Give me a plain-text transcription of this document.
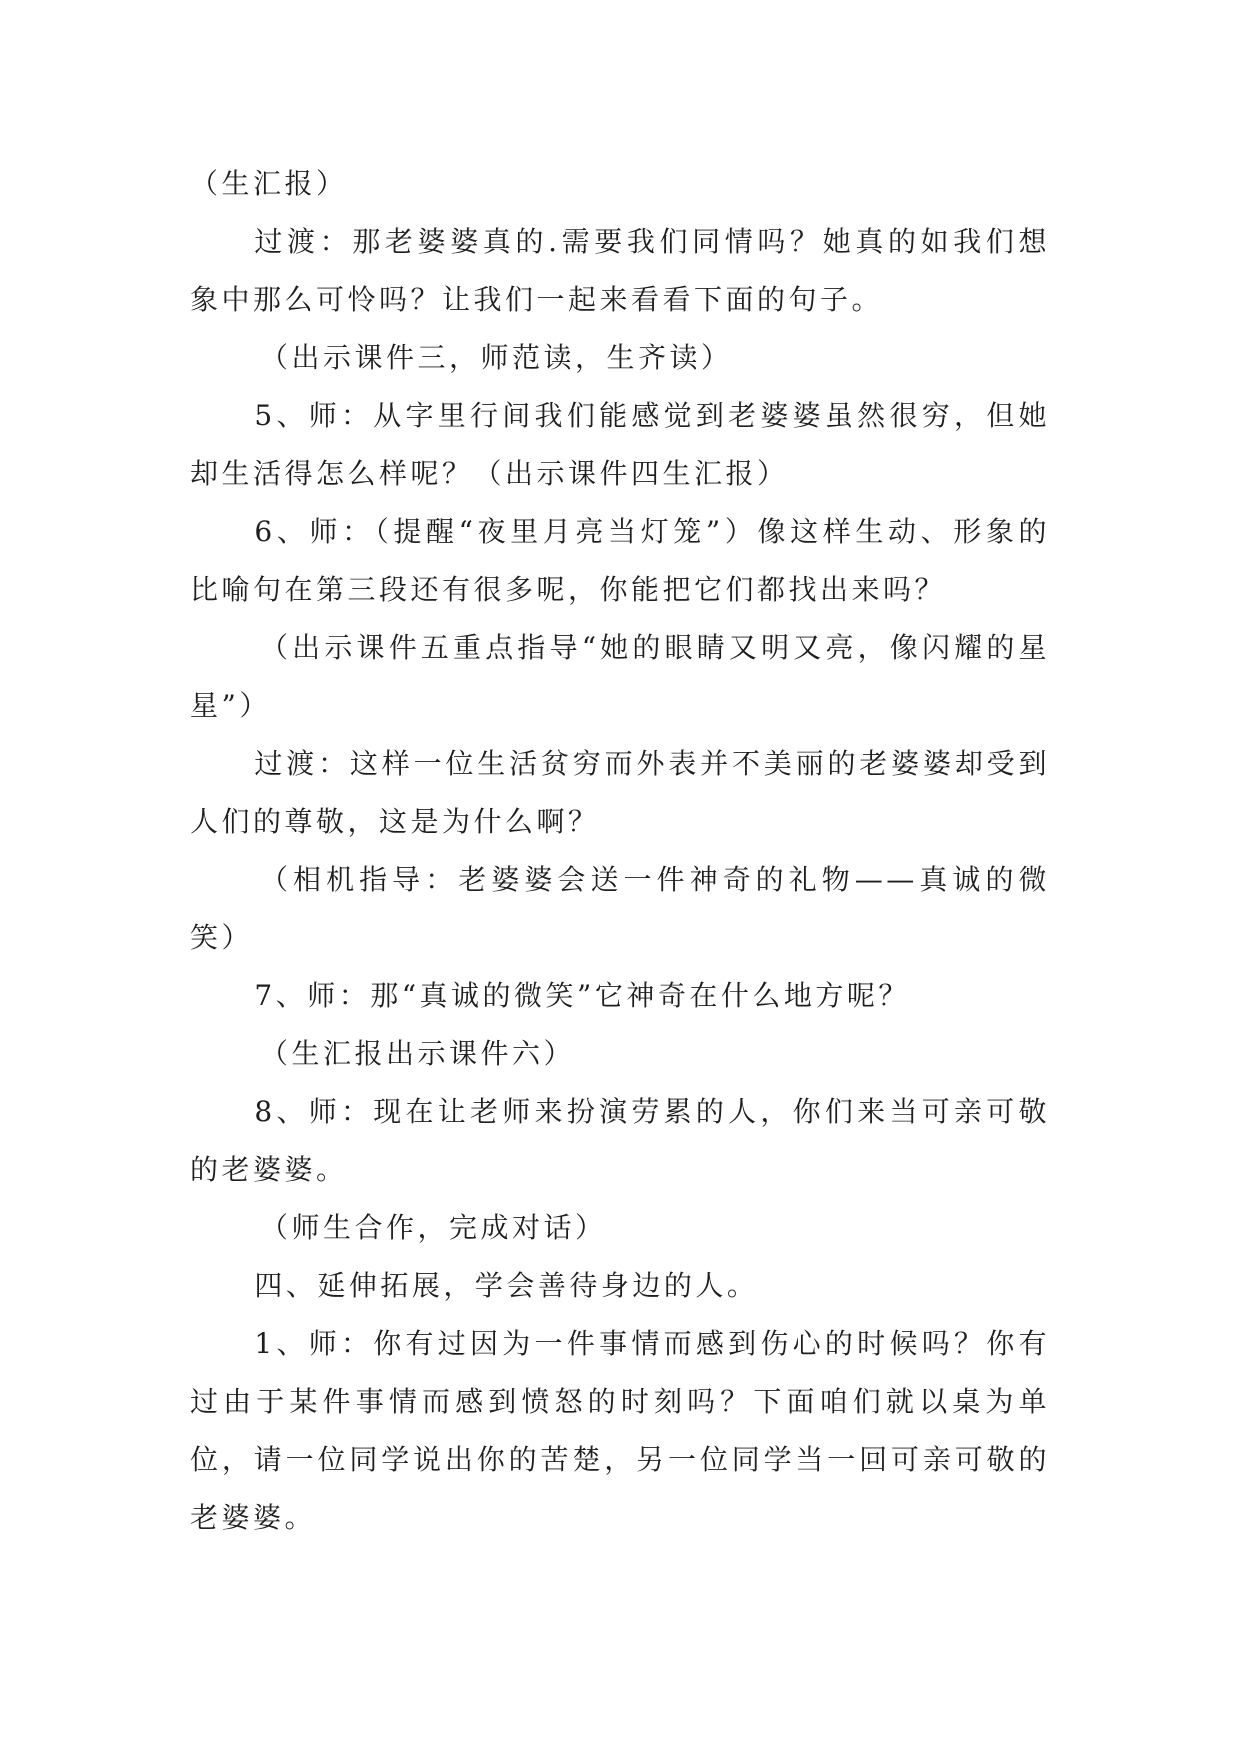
（生汇报）

过渡：那老婆婆真的.需要我们同情吗？她真的如我们想象中那么可怜吗？让我们一起来看看下面的句子。

（出示课件三，师范读，生齐读）

5、师：从字里行间我们能感觉到老婆婆虽然很穷，但她却生活得怎么样呢？（出示课件四生汇报）

6、师：（提醒“夜里月亮当灯笼”）像这样生动、形象的比喻句在第三段还有很多呢，你能把它们都找出来吗？

（出示课件五重点指导“她的眼睛又明又亮，像闪耀的星星”）

过渡：这样一位生活贫穷而外表并不美丽的老婆婆却受到人们的尊敬，这是为什么啊？

（相机指导：老婆婆会送一件神奇的礼物——真诚的微笑）

7、师：那“真诚的微笑”它神奇在什么地方呢？

（生汇报出示课件六）

8、师：现在让老师来扮演劳累的人，你们来当可亲可敬的老婆婆。

（师生合作，完成对话）

四、延伸拓展，学会善待身边的人。

1、师：你有过因为一件事情而感到伤心的时候吗？你有过由于某件事情而感到愤怒的时刻吗？下面咱们就以桌为单位，请一位同学说出你的苦楚，另一位同学当一回可亲可敬的老婆婆。
